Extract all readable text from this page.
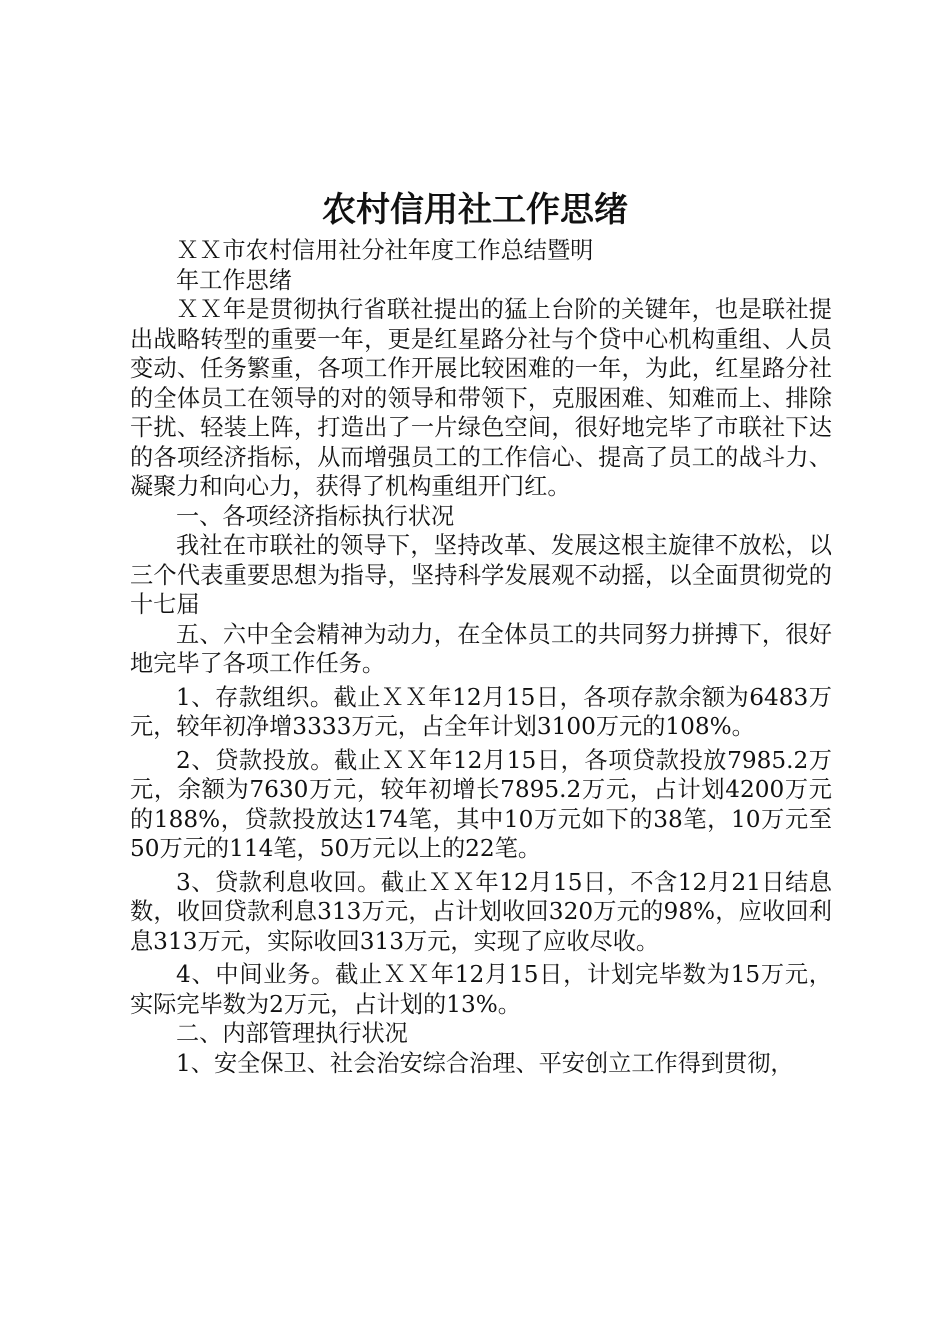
农村信用社工作思绪

ＸＸ市农村信用社分社年度工作总结暨明

年工作思绪

ＸＸ年是贯彻执行省联社提出的猛上台阶的关键年，也是联社提出战略转型的重要一年，更是红星路分社与个贷中心机构重组、人员变动、任务繁重，各项工作开展比较困难的一年，为此，红星路分社的全体员工在领导的对的领导和带领下，克服困难、知难而上、排除干扰、轻装上阵，打造出了一片绿色空间，很好地完毕了市联社下达的各项经济指标，从而增强员工的工作信心、提高了员工的战斗力、凝聚力和向心力，获得了机构重组开门红。

一、各项经济指标执行状况

我社在市联社的领导下，坚持改革、发展这根主旋律不放松，以三个代表重要思想为指导，坚持科学发展观不动摇，以全面贯彻党的十七届

五、六中全会精神为动力，在全体员工的共同努力拼搏下，很好地完毕了各项工作任务。

1、存款组织。截止ＸＸ年12月15日，各项存款余额为6483万元，较年初净增3333万元，占全年计划3100万元的108%。

2、贷款投放。截止ＸＸ年12月15日，各项贷款投放7985.2万元，余额为7630万元，较年初增长7895.2万元，占计划4200万元的188%，贷款投放达174笔，其中10万元如下的38笔，10万元至50万元的114笔，50万元以上的22笔。

3、贷款利息收回。截止ＸＸ年12月15日，不含12月21日结息数，收回贷款利息313万元，占计划收回320万元的98%，应收回利息313万元，实际收回313万元，实现了应收尽收。

4、中间业务。截止ＸＸ年12月15日，计划完毕数为15万元，实际完毕数为2万元，占计划的13%。

二、内部管理执行状况

1、安全保卫、社会治安综合治理、平安创立工作得到贯彻，
